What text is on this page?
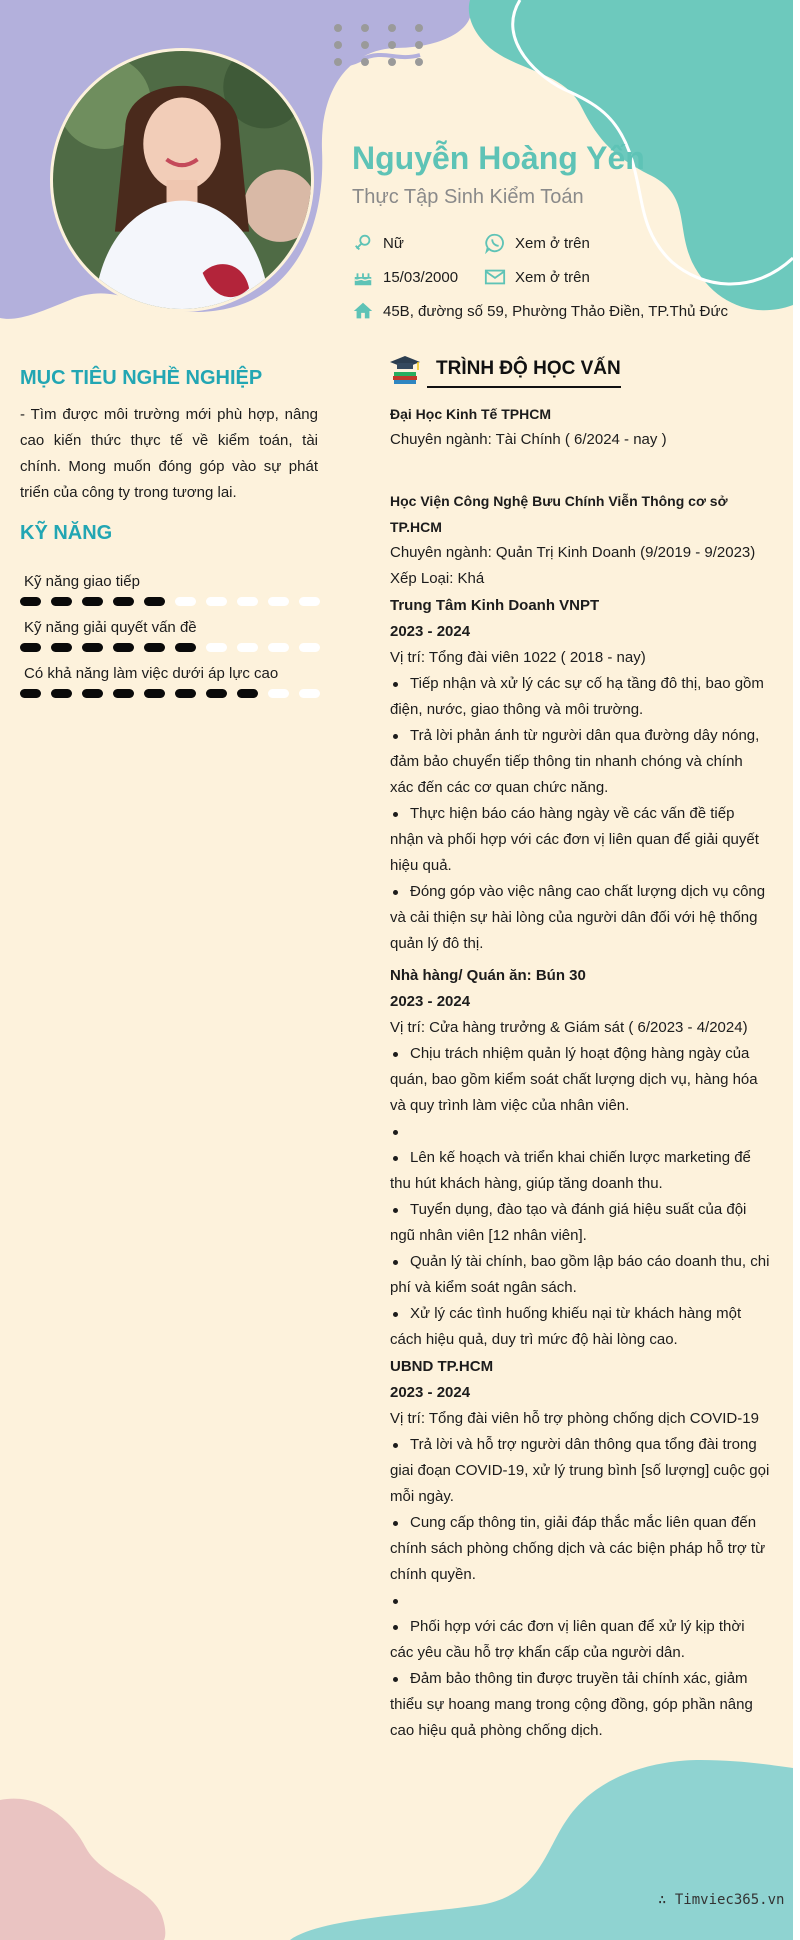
Nguyễn Hoàng Yến
Thực Tập Sinh Kiểm Toán
Nữ	Xem ở trên
15/03/2000	Xem ở trên
45B, đường số 59, Phường Thảo Điền, TP.Thủ Đức
MỤC TIÊU NGHỀ NGHIỆP
- Tìm được môi trường mới phù hợp, nâng cao kiến thức thực tế về kiểm toán, tài chính. Mong muốn đóng góp vào sự phát triển của công ty trong tương lai.
KỸ NĂNG
Kỹ năng giao tiếp
Kỹ năng giải quyết vấn đề
Có khả năng làm việc dưới áp lực cao
TRÌNH ĐỘ HỌC VẤN
Đại Học Kinh Tế TPHCM
Chuyên ngành: Tài Chính ( 6/2024 - nay )
Học Viện Công Nghệ Bưu Chính Viễn Thông cơ sở TP.HCM
Chuyên ngành: Quản Trị Kinh Doanh (9/2019 - 9/2023)
Xếp Loại: Khá
Trung Tâm Kinh Doanh VNPT
2023 - 2024
Vị trí: Tổng đài viên 1022 ( 2018 - nay)
Tiếp nhận và xử lý các sự cố hạ tầng đô thị, bao gồm điện, nước, giao thông và môi trường.
Trả lời phản ánh từ người dân qua đường dây nóng, đảm bảo chuyển tiếp thông tin nhanh chóng và chính xác đến các cơ quan chức năng.
Thực hiện báo cáo hàng ngày về các vấn đề tiếp nhận và phối hợp với các đơn vị liên quan để giải quyết hiệu quả.
Đóng góp vào việc nâng cao chất lượng dịch vụ công và cải thiện sự hài lòng của người dân đối với hệ thống quản lý đô thị.
Nhà hàng/ Quán ăn: Bún 30
2023 - 2024
Vị trí: Cửa hàng trưởng & Giám sát ( 6/2023 - 4/2024)
Chịu trách nhiệm quản lý hoạt động hàng ngày của quán, bao gồm kiểm soát chất lượng dịch vụ, hàng hóa và quy trình làm việc của nhân viên.
Lên kế hoạch và triển khai chiến lược marketing để thu hút khách hàng, giúp tăng doanh thu.
Tuyển dụng, đào tạo và đánh giá hiệu suất của đội ngũ nhân viên [12 nhân viên].
Quản lý tài chính, bao gồm lập báo cáo doanh thu, chi phí và kiểm soát ngân sách.
Xử lý các tình huống khiếu nại từ khách hàng một cách hiệu quả, duy trì mức độ hài lòng cao.
UBND TP.HCM
2023 - 2024
Vị trí: Tổng đài viên hỗ trợ phòng chống dịch COVID-19
Trả lời và hỗ trợ người dân thông qua tổng đài trong giai đoạn COVID-19, xử lý trung bình [số lượng] cuộc gọi mỗi ngày.
Cung cấp thông tin, giải đáp thắc mắc liên quan đến chính sách phòng chống dịch và các biện pháp hỗ trợ từ chính quyền.
Phối hợp với các đơn vị liên quan để xử lý kịp thời các yêu cầu hỗ trợ khẩn cấp của người dân.
Đảm bảo thông tin được truyền tải chính xác, giảm thiểu sự hoang mang trong cộng đồng, góp phần nâng cao hiệu quả phòng chống dịch.
∴ Timviec365.vn
